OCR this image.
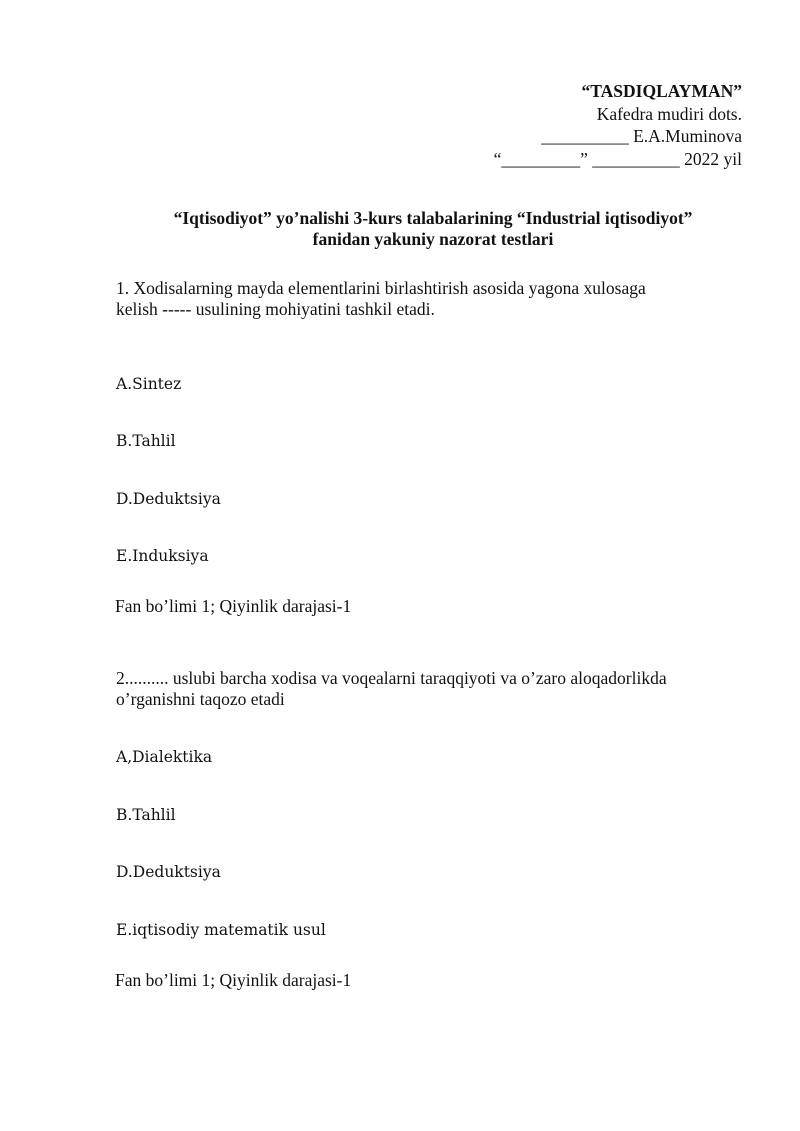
“TASDIQLAYMAN”
Kafedra mudiri dots.
__________ E.A.Muminova
“_________” __________ 2022 yil
“Iqtisodiyot” yo’nalishi 3-kurs talabalarining “Industrial iqtisodiyot”
fanidan yakuniy nazorat testlari
1. Xodisalarning mayda elementlarini birlashtirish asosida yagona xulosaga
kelish ----- usulining mohiyatini tashkil etadi.
A.Sintez
B.Tahlil
D.Deduktsiya
E.Induksiya
Fan bo’limi 1; Qiyinlik darajasi-1
2.......... uslubi barcha xodisa va voqealarni taraqqiyoti va o’zaro aloqadorlikda
o’rganishni taqozo etadi
A,Dialektika
B.Tahlil
D.Deduktsiya
E.iqtisodiy matematik usul
Fan bo’limi 1; Qiyinlik darajasi-1
